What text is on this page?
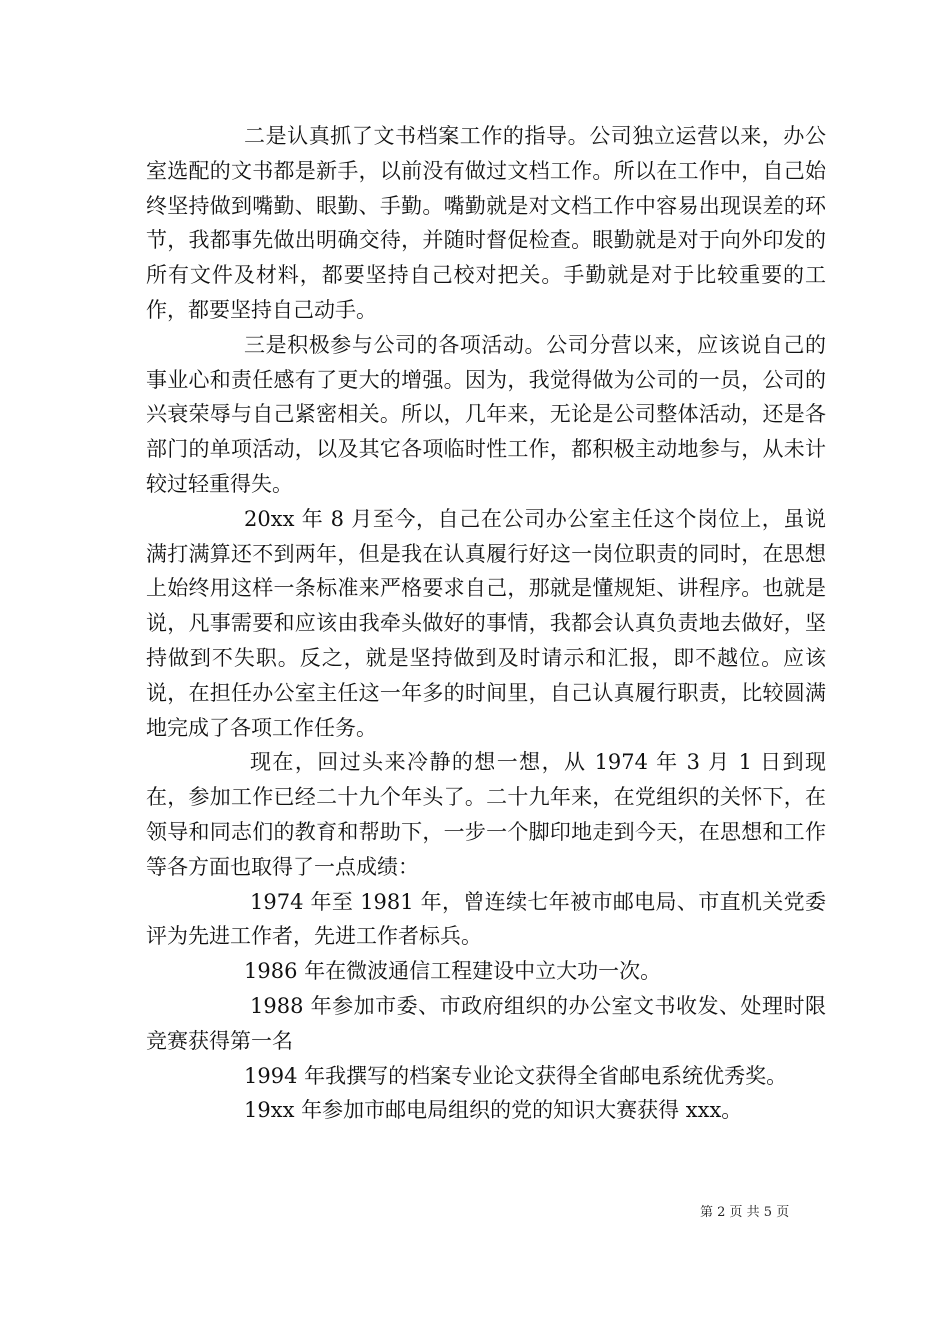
二是认真抓了文书档案工作的指导。公司独立运营以来，办公室选配的文书都是新手，以前没有做过文档工作。所以在工作中，自己始终坚持做到嘴勤、眼勤、手勤。嘴勤就是对文档工作中容易出现误差的环节，我都事先做出明确交待，并随时督促检查。眼勤就是对于向外印发的所有文件及材料，都要坚持自己校对把关。手勤就是对于比较重要的工作，都要坚持自己动手。

三是积极参与公司的各项活动。公司分营以来，应该说自己的事业心和责任感有了更大的增强。因为，我觉得做为公司的一员，公司的兴衰荣辱与自己紧密相关。所以，几年来，无论是公司整体活动，还是各部门的单项活动，以及其它各项临时性工作，都积极主动地参与，从未计较过轻重得失。

20xx 年 8 月至今，自己在公司办公室主任这个岗位上，虽说满打满算还不到两年，但是我在认真履行好这一岗位职责的同时，在思想上始终用这样一条标准来严格要求自己，那就是懂规矩、讲程序。也就是说，凡事需要和应该由我牵头做好的事情，我都会认真负责地去做好，坚持做到不失职。反之，就是坚持做到及时请示和汇报，即不越位。应该说，在担任办公室主任这一年多的时间里，自己认真履行职责，比较圆满地完成了各项工作任务。

现在，回过头来冷静的想一想，从 1974 年 3 月 1 日到现在，参加工作已经二十九个年头了。二十九年来，在党组织的关怀下，在领导和同志们的教育和帮助下，一步一个脚印地走到今天，在思想和工作等各方面也取得了一点成绩：

1974 年至 1981 年，曾连续七年被市邮电局、市直机关党委评为先进工作者，先进工作者标兵。

1986 年在微波通信工程建设中立大功一次。

1988 年参加市委、市政府组织的办公室文书收发、处理时限竞赛获得第一名

1994 年我撰写的档案专业论文获得全省邮电系统优秀奖。

19xx 年参加市邮电局组织的党的知识大赛获得 xxx。

第 2 页 共 5 页
